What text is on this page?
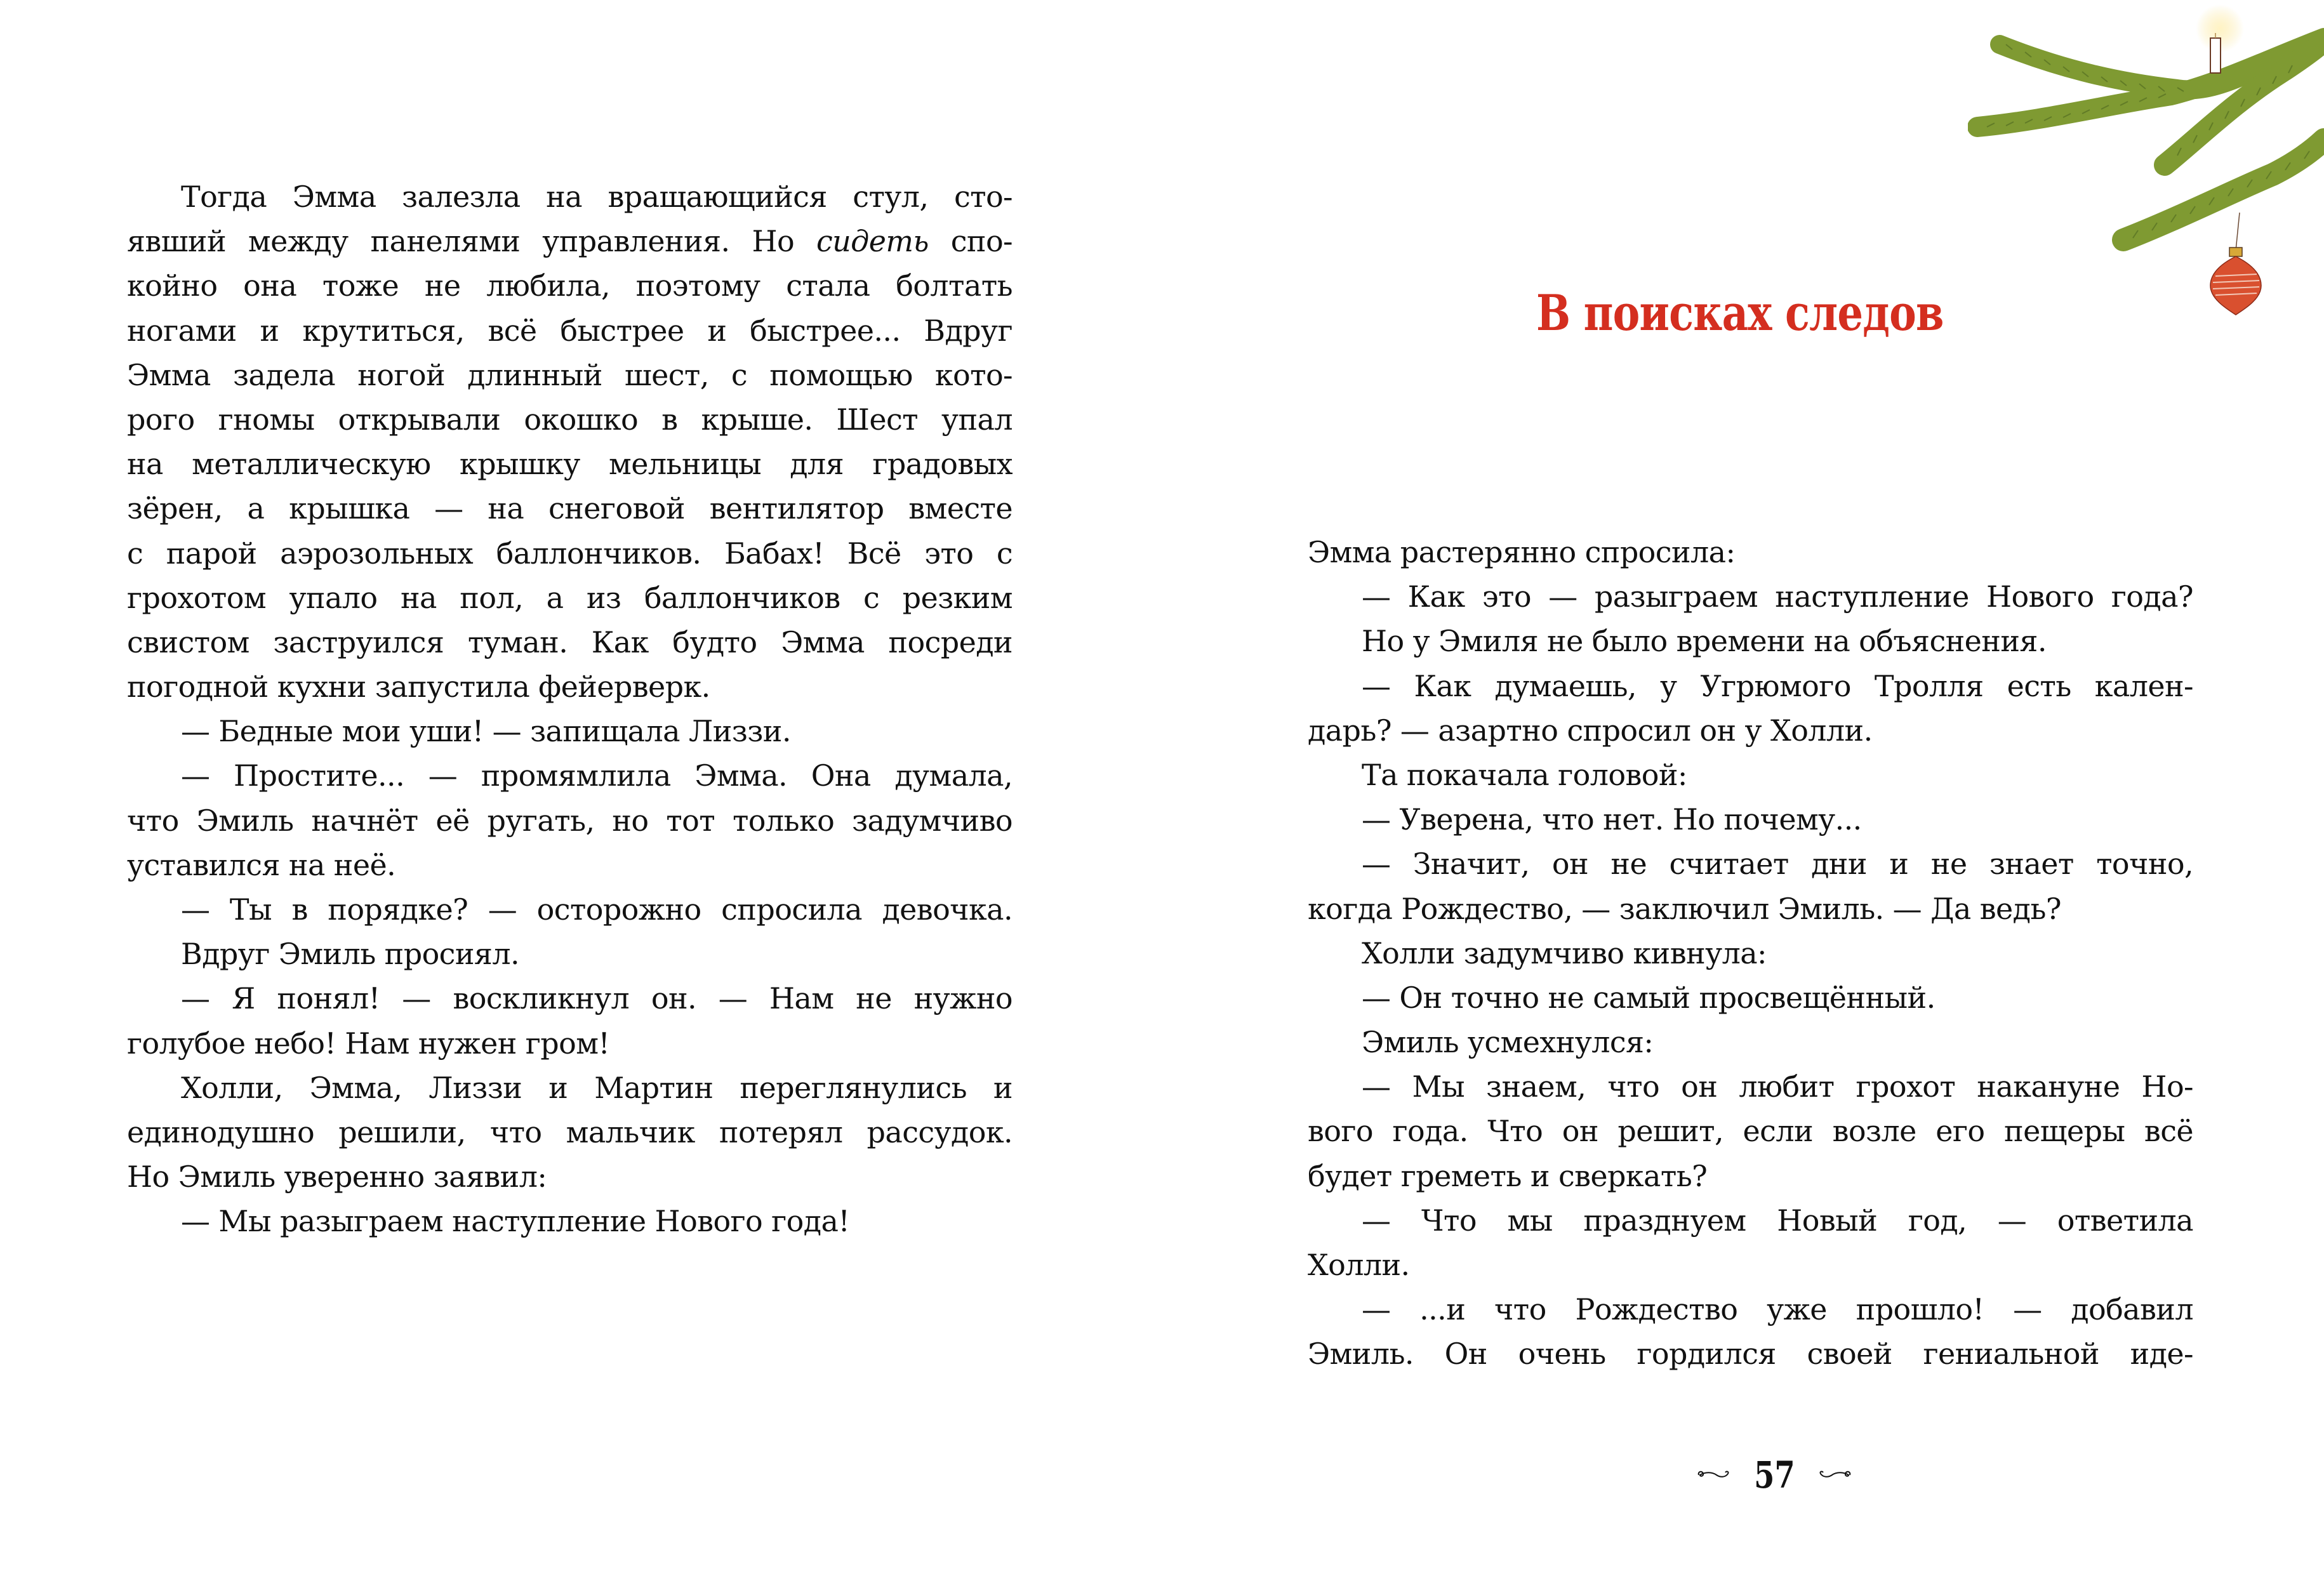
Тогда Эмма залезла на вращающийся стул, сто-
явший между панелями управления. Но сидеть спо-
койно она тоже не любила, поэтому стала болтать
ногами и крутиться, всё быстрее и быстрее... Вдруг
Эмма задела ногой длинный шест, с помощью кото-
рого гномы открывали окошко в крыше. Шест упал
на металлическую крышку мельницы для градовых
зёрен, а крышка — на снеговой вентилятор вместе
с парой аэрозольных баллончиков. Бабах! Всё это с
грохотом упало на пол, а из баллончиков с резким
свистом заструился туман. Как будто Эмма посреди
погодной кухни запустила фейерверк.
— Бедные мои уши! — запищала Лиззи.
— Простите... — промямлила Эмма. Она думала,
что Эмиль начнёт её ругать, но тот только задумчиво
уставился на неё.
— Ты в порядке? — осторожно спросила девочка.
Вдруг Эмиль просиял.
— Я понял! — воскликнул он. — Нам не нужно
голубое небо! Нам нужен гром!
Холли, Эмма, Лиззи и Мартин переглянулись и
единодушно решили, что мальчик потерял рассудок.
Но Эмиль уверенно заявил:
— Мы разыграем наступление Нового года!
В поисках следов
Эмма растерянно спросила:
— Как это — разыграем наступление Нового года?
Но у Эмиля не было времени на объяснения.
— Как думаешь, у Угрюмого Тролля есть кален-
дарь? — азартно спросил он у Холли.
Та покачала головой:
— Уверена, что нет. Но почему...
— Значит, он не считает дни и не знает точно,
когда Рождество, — заключил Эмиль. — Да ведь?
Холли задумчиво кивнула:
— Он точно не самый просвещённый.
Эмиль усмехнулся:
— Мы знаем, что он любит грохот накануне Но-
вого года. Что он решит, если возле его пещеры всё
будет греметь и сверкать?
— Что мы празднуем Новый год, — ответила
Холли.
— ...и что Рождество уже прошло! — добавил
Эмиль. Он очень гордился своей гениальной иде-
57
